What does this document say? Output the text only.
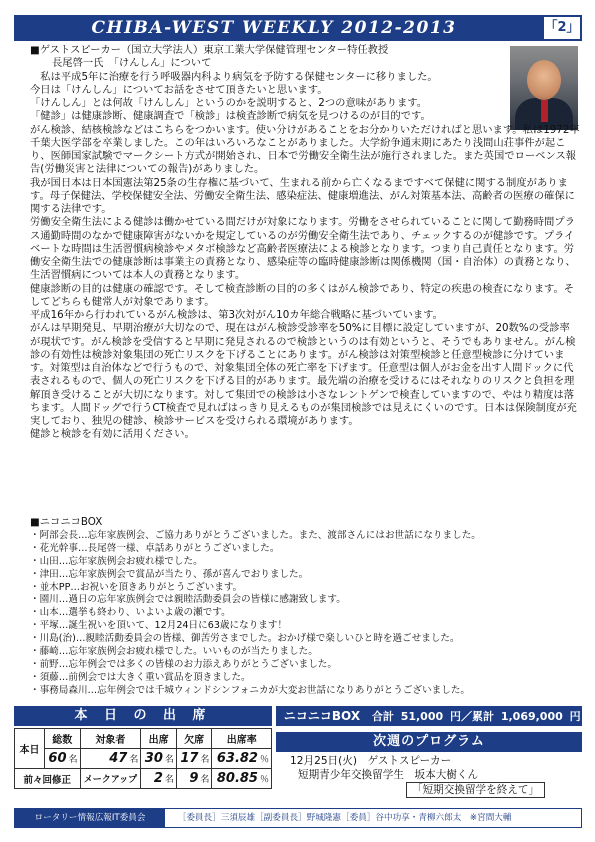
CHIBA-WEST WEEKLY 2012-2013	「2」

■ゲストスピーカー（国立大学法人）東京工業大学保健管理センター特任教授

長尾啓一氏　「けんしん」について

　私は平成5年に治療を行う呼吸器内科より病気を予防する保健センターに移りました。
今日は「けんしん」についてお話をさせて頂きたいと思います。
「けんしん」とは何故「けんしん」というのかを説明すると、2つの意味があります。

「健診」は健康診断、健康調査で「検診」は検査診断で病気を見つけるのが目的です。
がん検診、結核検診などはこちらをつかいます。使い分けがあることをお分かりいただければと思います。私は1972年千葉大医学部を卒業しました。この年はいろいろなことがありました。大学紛争通末期にあたり浅間山荘事件が起こり、医師国家試験でマークシート方式が開始され、日本で労働安全衛生法が施行されました。また英国でローベンス報告(労働災害と法律についての報告)がありました。
我が国日本は日本国憲法第25条の生存権に基づいて、生まれる前から亡くなるまですべて保健に関する制度があります。母子保健法、学校保健安全法、労働安全衛生法、感染症法、健康増進法、がん対策基本法、高齢者の医療の確保に関する法律です。
労働安全衛生法による健診は働かせている間だけが対象になります。労働をさせられていることに関して勤務時間プラス通勤時間のなかで健康障害がないかを規定しているのが労働安全衛生法であり、チェックするのが健診です。プライベートな時間は生活習慣病検診やメタボ検診など高齢者医療法による検診となります。つまり自己責任となります。労働安全衛生法での健康診断は事業主の責務となり、感染症等の臨時健康診断は関係機関（国・自治体）の責務となり、生活習慣病については本人の責務となります。
健康診断の目的は健康の確認です。そして検査診断の目的の多くはがん検診であり、特定の疾患の検査になります。そしてどちらも健常人が対象であります。
平成16年から行われているがん検診は、第3次対がん10カ年総合戦略に基づいています。
がんは早期発見、早期治療が大切なので、現在はがん検診受診率を50%に目標に設定していますが、20数%の受診率が現状です。がん検診を受信すると早期に発見されるので検診というのは有効というと、そうでもありません。がん検診の有効性は検診対象集団の死亡リスクを下げることにあります。がん検診は対策型検診と任意型検診に分けています。対策型は自治体などで行うもので、対象集団全体の死亡率を下げます。任意型は個人がお金を出す人間ドックに代表されるもので、個人の死亡リスクを下げる目的があります。最先端の治療を受けるにはそれなりのリスクと負担を理解頂き受けることが大切になります。対して集団での検診は小さなレントゲンで検査していますので、やはり精度は落ちます。人間ドッグで行うCT検査で見ればはっきり見えるものが集団検診では見えにくいのです。日本は保険制度が充実しており、独児の健診、検診サービスを受けられる環境があります。
健診と検診を有効に活用ください。

■ニコニコBOX
・阿部会長…忘年家族例会、ご協力ありがとうございました。また、渡部さんにはお世話になりました。
・花光幹事…長尾啓一様、卓話ありがとうございました。
・山田…忘年家族例会お疲れ様でした。
・津田…忘年家族例会で賞品が当たり、孫が喜んでおりました。
・並木PP…お祝いを頂きありがとうございます。
・園川…過日の忘年家族例会では親睦活動委員会の皆様に感謝致します。
・山本…選挙も終わり、いよいよ歳の瀬です。
・平塚…誕生祝いを頂いて、12月24日に63歳になります！
・川島(治)…親睦活動委員会の皆様、御苦労さまでした。おかげ様で楽しいひと時を過ごせました。
・藤崎…忘年家族例会お疲れ様でした。いいものが当たりました。
・前野…忘年例会では多くの皆様のお力添えありがとうございました。
・須藤…前例会では大きく重い賞品を頂きました。
・事務局森川…忘年例会では千城ウィンドシンフォニカが大変お世話になりありがとうございました。
本 日 の 出 席
本日	総数	対象者	出席	欠席	出席率
	60 名	47 名	30 名	17 名	63.82 ％
前々回修正		メークアップ	2 名	9 名	80.85 ％
ニコニコBOX 合計 51,000 円／累計 1,069,000 円
次週のプログラム
12月25日(火)　ゲストスピーカー
短期青少年交換留学生　坂本大樹くん
「短期交換留学を終えて」
ロータリー情報広報IT委員会	［委員長］三須辰雄［副委員長］野城隆憲［委員］谷中功享・青柳六郎太　※宮間大輔
